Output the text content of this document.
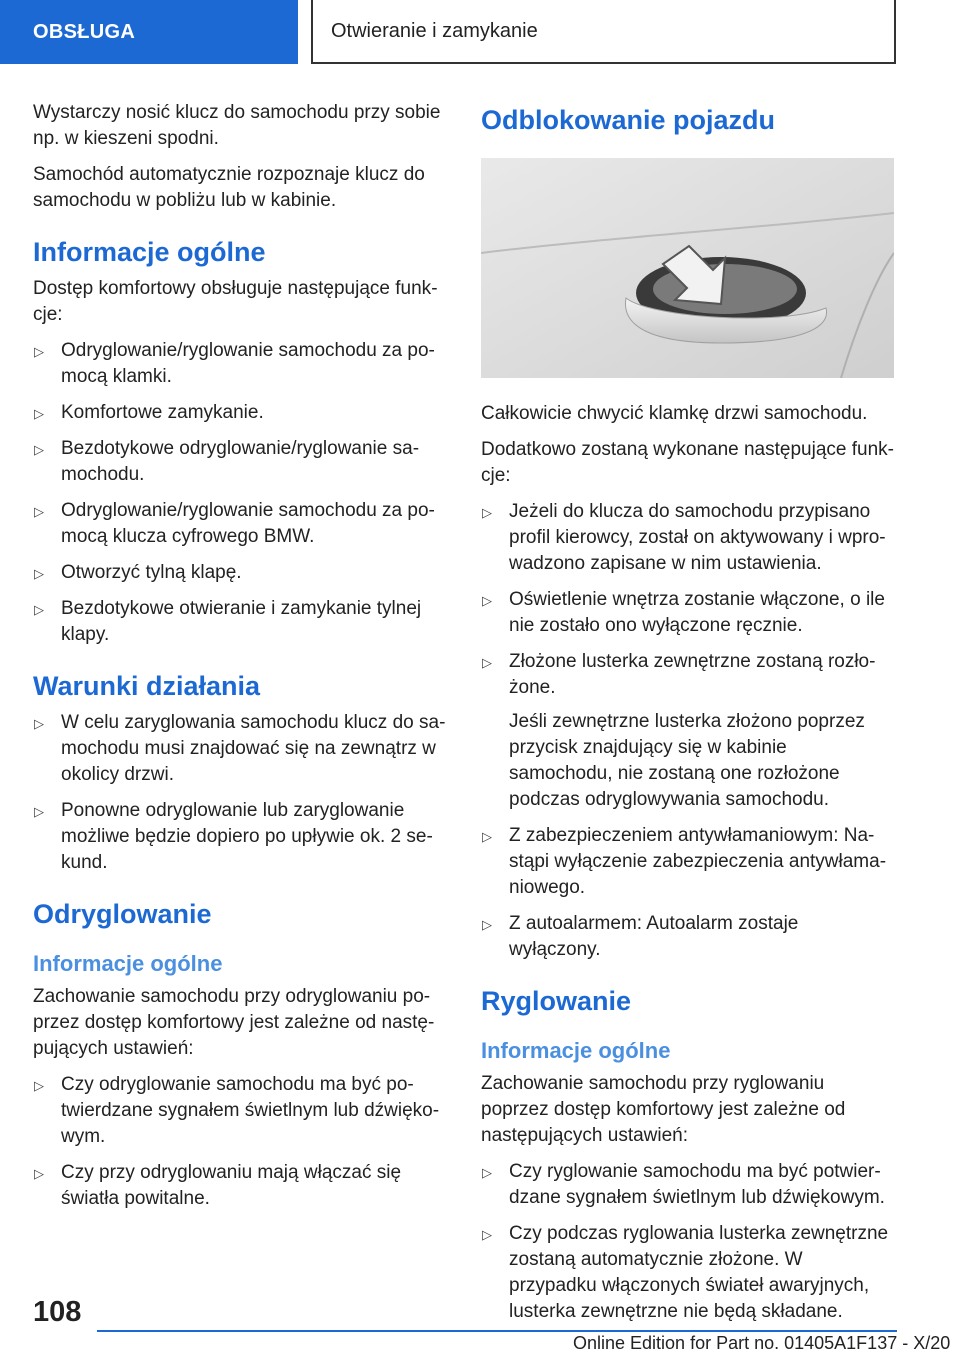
OBSŁUGA	Otwieranie i zamykanie

Wystarczy nosić klucz do samochodu przy sobie np. w kieszeni spodni.

Samochód automatycznie rozpoznaje klucz do samochodu w pobliżu lub w kabinie.

Informacje ogólne

Dostęp komfortowy obsługuje następujące funkcje:

▷ Odryglowanie/ryglowanie samochodu za pomocą klamki.
▷ Komfortowe zamykanie.
▷ Bezdotykowe odryglowanie/ryglowanie samochodu.
▷ Odryglowanie/ryglowanie samochodu za pomocą klucza cyfrowego BMW.
▷ Otworzyć tylną klapę.
▷ Bezdotykowe otwieranie i zamykanie tylnej klapy.
Warunki działania
▷ W celu zaryglowania samochodu klucz do samochodu musi znajdować się na zewnątrz w okolicy drzwi.
▷ Ponowne odryglowanie lub zaryglowanie możliwe będzie dopiero po upływie ok. 2 sekund.
Odryglowanie
Informacje ogólne

Zachowanie samochodu przy odryglowaniu poprzez dostęp komfortowy jest zależne od następujących ustawień:

▷ Czy odryglowanie samochodu ma być potwierdzane sygnałem świetlnym lub dźwiękowym.
▷ Czy przy odryglowaniu mają włączać się światła powitalne.
Odblokowanie pojazdu

Całkowicie chwycić klamkę drzwi samochodu.

Dodatkowo zostaną wykonane następujące funkcje:

▷ Jeżeli do klucza do samochodu przypisano profil kierowcy, został on aktywowany i wprowadzono zapisane w nim ustawienia.
▷ Oświetlenie wnętrza zostanie włączone, o ile nie zostało ono wyłączone ręcznie.
▷ Złożone lusterka zewnętrzne zostaną rozłożone.
Jeśli zewnętrzne lusterka złożono poprzez przycisk znajdujący się w kabinie samochodu, nie zostaną one rozłożone podczas odryglowywania samochodu.
▷ Z zabezpieczeniem antywłamaniowym: Nastąpi wyłączenie zabezpieczenia antywłamaniowego.
▷ Z autoalarmem: Autoalarm zostaje wyłączony.
Ryglowanie
Informacje ogólne

Zachowanie samochodu przy ryglowaniu poprzez dostęp komfortowy jest zależne od następujących ustawień:

▷ Czy ryglowanie samochodu ma być potwierdzane sygnałem świetlnym lub dźwiękowym.
▷ Czy podczas ryglowania lusterka zewnętrzne zostaną automatycznie złożone. W przypadku włączonych świateł awaryjnych, lusterka zewnętrzne nie będą składane.
108
Online Edition for Part no. 01405A1F137 - X/20
